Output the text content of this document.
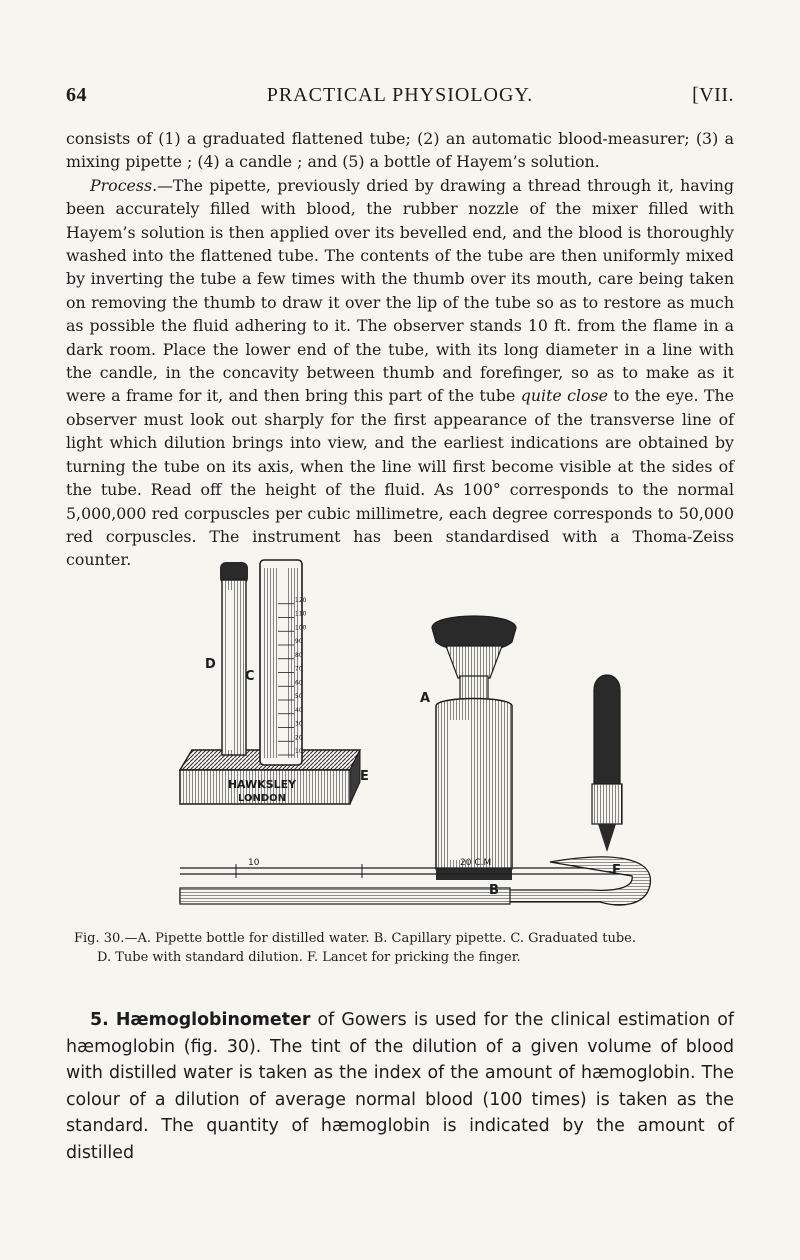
64	PRACTICAL PHYSIOLOGY.	[VII.

consists of (1) a graduated flattened tube; (2) an automatic blood-measurer; (3) a mixing pipette ; (4) a candle ; and (5) a bottle of Hayem’s solution.

Process.—The pipette, previously dried by drawing a thread through it, having been accurately filled with blood, the rubber nozzle of the mixer filled with Hayem’s solution is then applied over its bevelled end, and the blood is thoroughly washed into the flattened tube. The contents of the tube are then uniformly mixed by inverting the tube a few times with the thumb over its mouth, care being taken on removing the thumb to draw it over the lip of the tube so as to restore as much as possible the fluid adhering to it. The observer stands 10 ft. from the flame in a dark room. Place the lower end of the tube, with its long diameter in a line with the candle, in the concavity between thumb and forefinger, so as to make as it were a frame for it, and then bring this part of the tube quite close to the eye. The observer must look out sharply for the first appearance of the transverse line of light which dilution brings into view, and the earliest indications are obtained by turning the tube on its axis, when the line will first become visible at the sides of the tube. Read off the height of the fluid. As 100° corresponds to the normal 5,000,000 red corpuscles per cubic millimetre, each degree corresponds to 50,000 red corpuscles. The instrument has been standardised with a Thoma-Zeiss counter.

HAWKSLEY
LONDON
10
20
30
40
50
60
70
80
90
100
110
120
10	20 C.M
D
C
E
A
F
B
Fig. 30.—A. Pipette bottle for distilled water. B. Capillary pipette. C. Graduated tube.
D. Tube with standard dilution. F. Lancet for pricking the finger.

5. Hæmoglobinometer of Gowers is used for the clinical estimation of hæmoglobin (fig. 30). The tint of the dilution of a given volume of blood with distilled water is taken as the index of the amount of hæmoglobin. The colour of a dilution of average normal blood (100 times) is taken as the standard. The quantity of hæmoglobin is indicated by the amount of distilled
